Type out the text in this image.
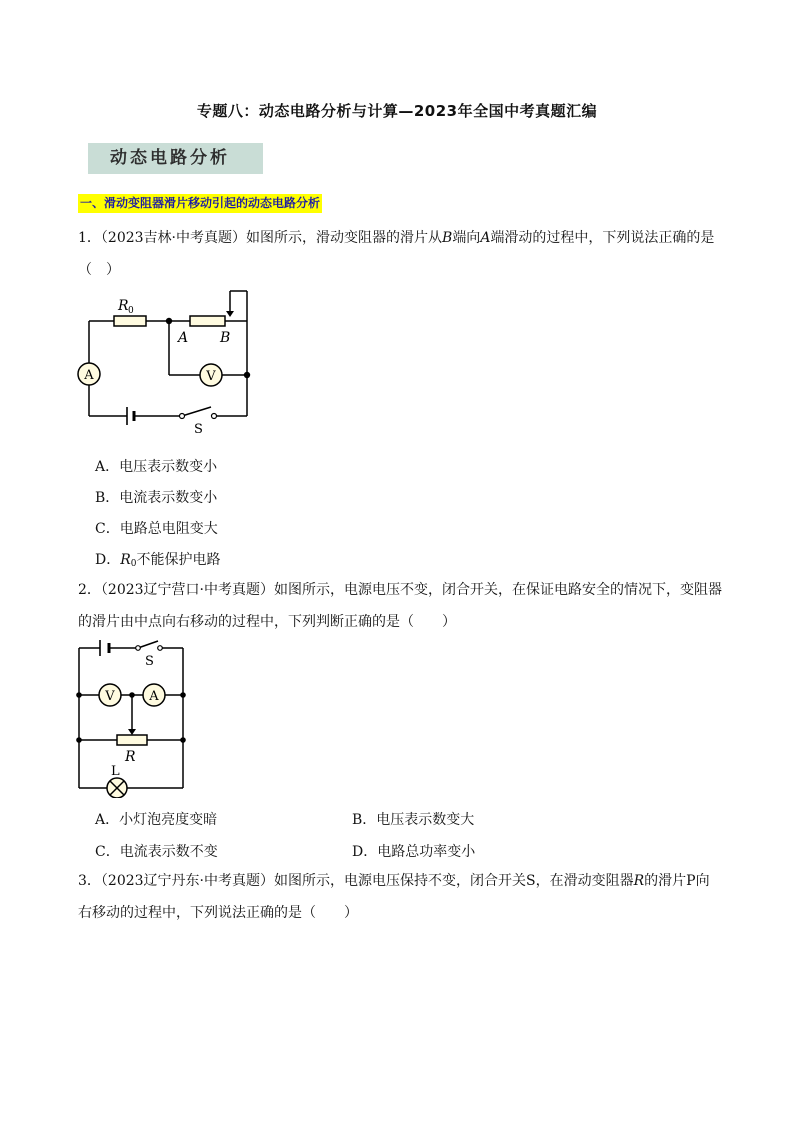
专题八：动态电路分析与计算—2023年全国中考真题汇编
动态电路分析
一、滑动变阻器滑片移动引起的动态电路分析
1．（2023吉林·中考真题）如图所示，滑动变阻器的滑片从B端向A端滑动的过程中，下列说法正确的是
（　）
A	V
R 0
A B
S
A．电压表示数变小
B．电流表示数变小
C．电路总电阻变大
D．$R_0$不能保护电路
2．（2023辽宁营口·中考真题）如图所示，电源电压不变，闭合开关，在保证电路安全的情况下，变阻器
的滑片由中点向右移动的过程中，下列判断正确的是（　　）
S
V	A
R
L
A．小灯泡亮度变暗	B．电压表示数变大
C．电流表示数不变	D．电路总功率变小
3．（2023辽宁丹东·中考真题）如图所示，电源电压保持不变，闭合开关S，在滑动变阻器R的滑片P向
右移动的过程中，下列说法正确的是（　　）
